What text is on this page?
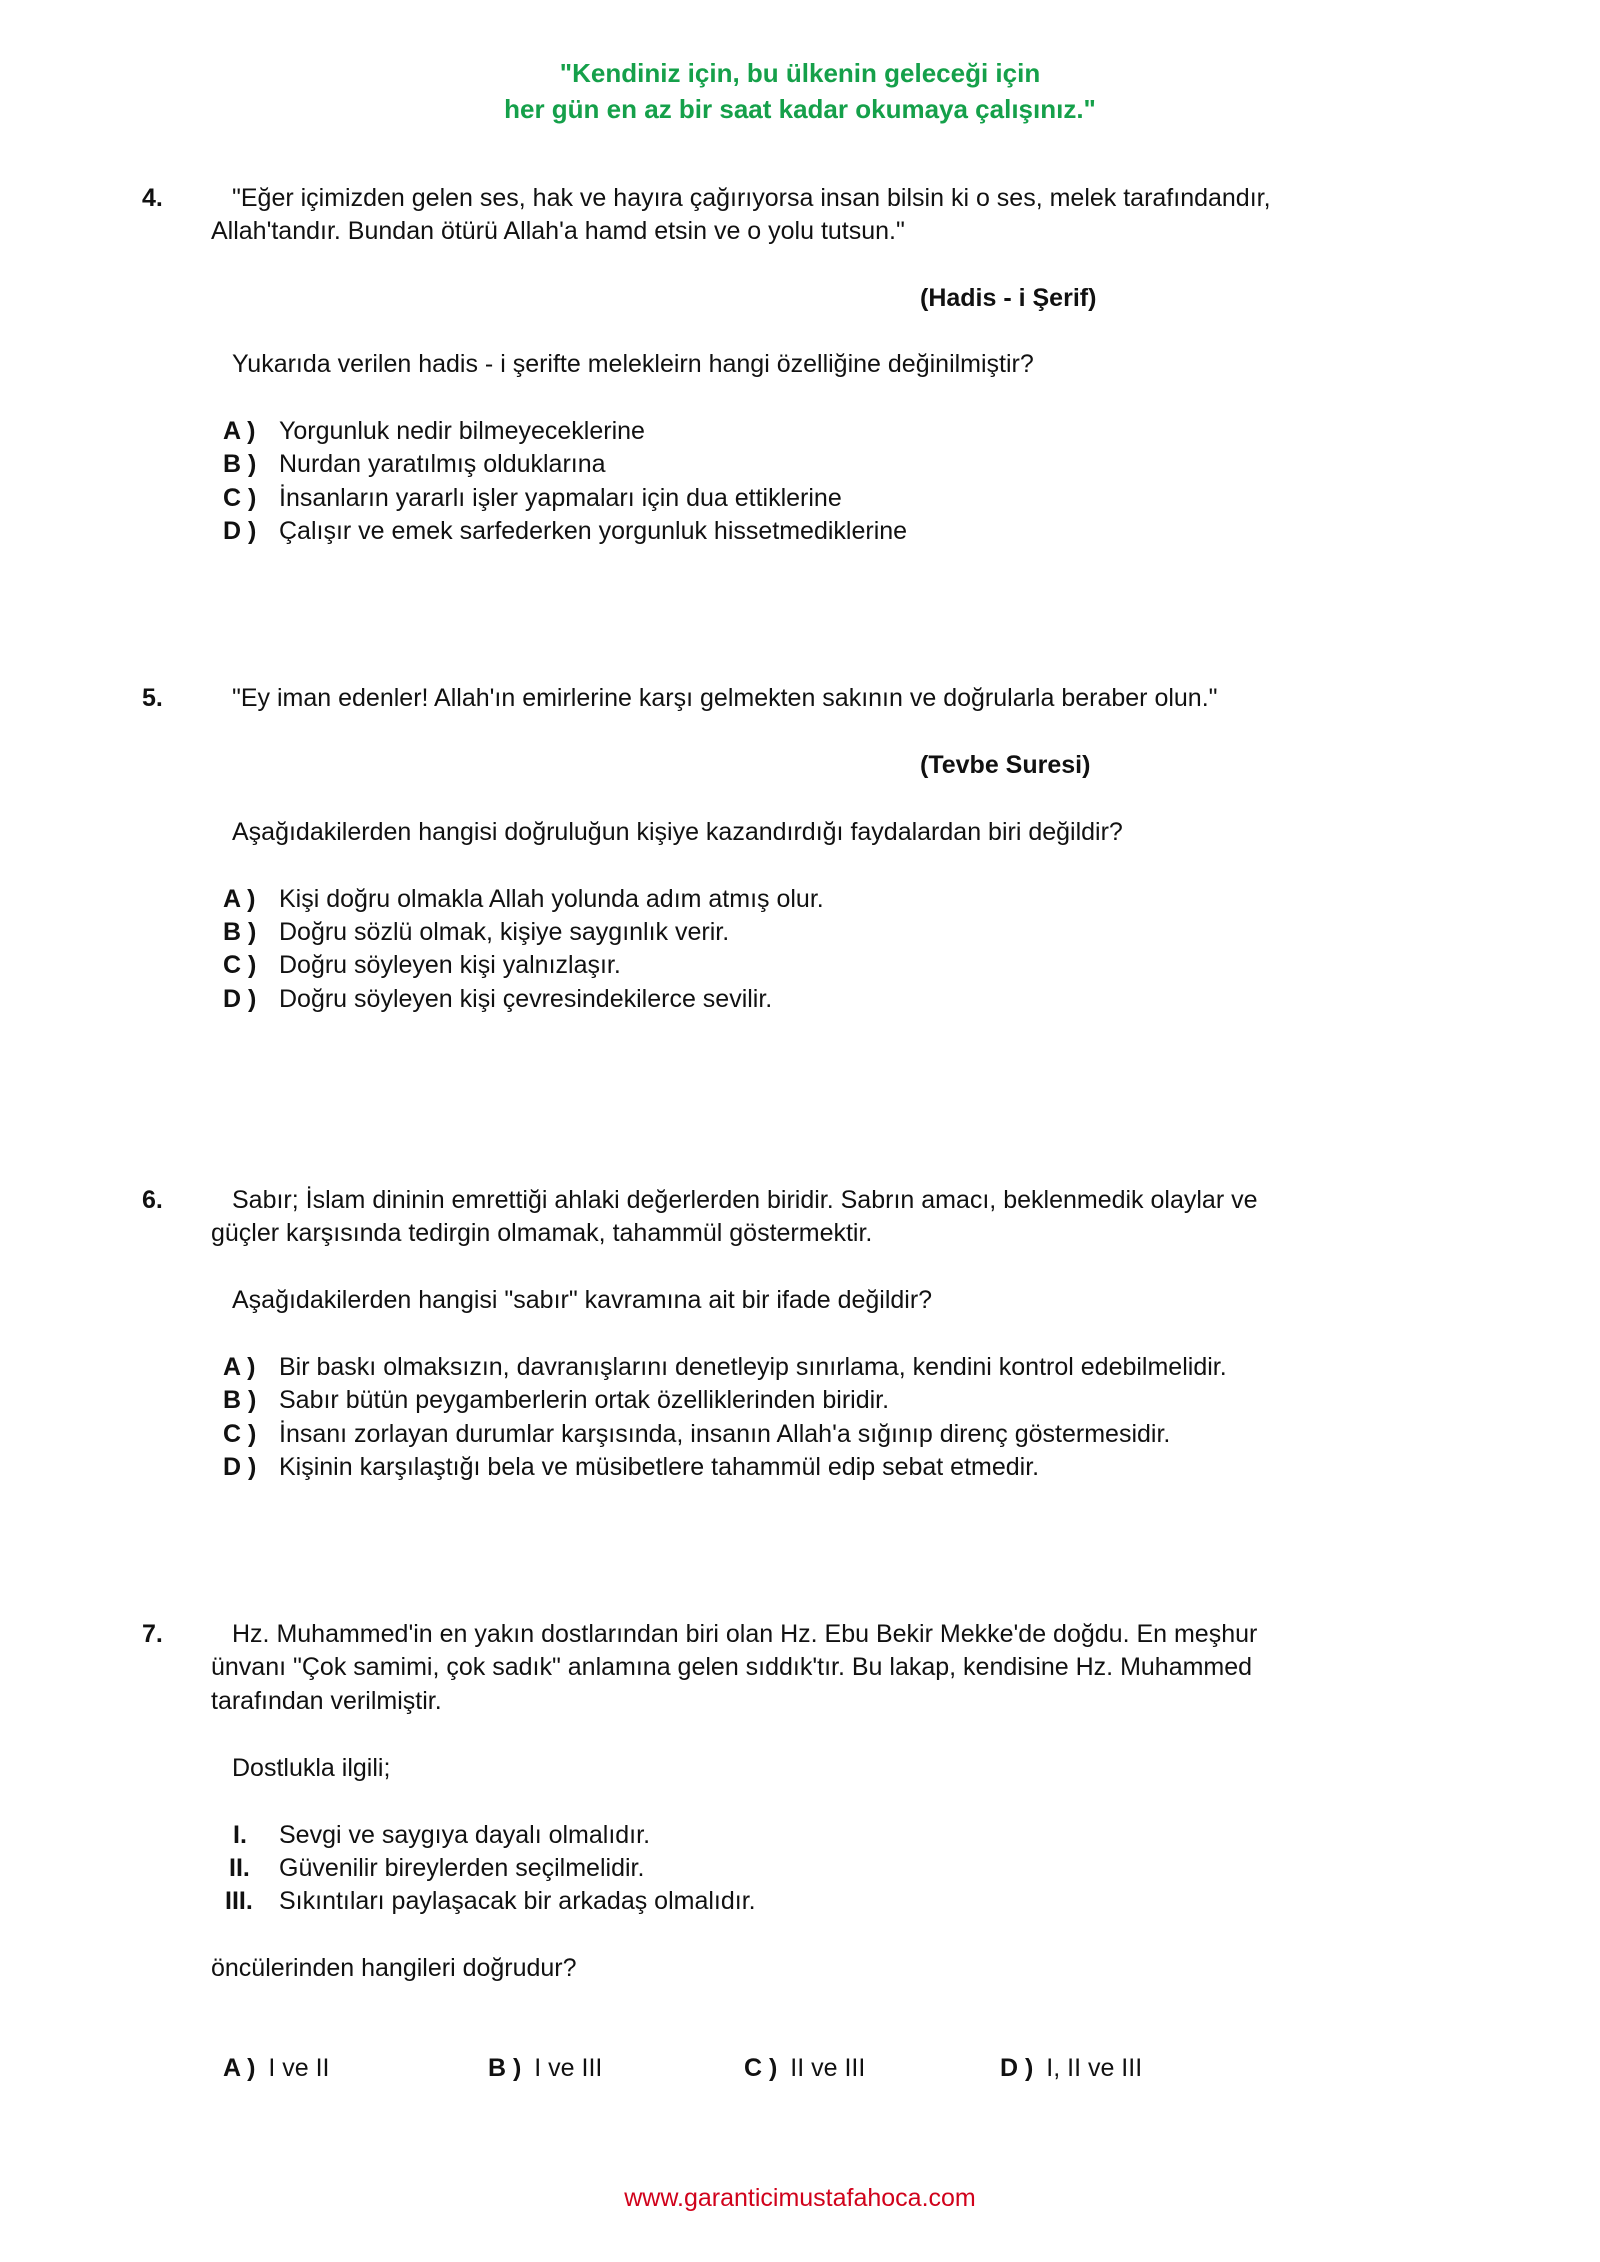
"Kendiniz için, bu ülkenin geleceği için
her gün en az bir saat kadar okumaya çalışınız."
4.	"Eğer içimizden gelen ses, hak ve hayıra çağırıyorsa insan bilsin ki o ses, melek tarafındandır,
Allah'tandır. Bundan ötürü Allah'a hamd etsin ve o yolu tutsun."
(Hadis - i Şerif)
Yukarıda verilen hadis - i şerifte melekleirn hangi özelliğine değinilmiştir?
A ) Yorgunluk nedir bilmeyeceklerine
B ) Nurdan yaratılmış olduklarına
C ) İnsanların yararlı işler yapmaları için dua ettiklerine
D ) Çalışır ve emek sarfederken yorgunluk hissetmediklerine
5.	"Ey iman edenler! Allah'ın emirlerine karşı gelmekten sakının ve doğrularla beraber olun."
(Tevbe Suresi)
Aşağıdakilerden hangisi doğruluğun kişiye kazandırdığı faydalardan biri değildir?
A ) Kişi doğru olmakla Allah yolunda adım atmış olur.
B ) Doğru sözlü olmak, kişiye saygınlık verir.
C ) Doğru söyleyen kişi yalnızlaşır.
D ) Doğru söyleyen kişi çevresindekilerce sevilir.
6.	Sabır; İslam dininin emrettiği ahlaki değerlerden biridir. Sabrın amacı, beklenmedik olaylar ve
güçler karşısında tedirgin olmamak, tahammül göstermektir.
Aşağıdakilerden hangisi "sabır" kavramına ait bir ifade değildir?
A ) Bir baskı olmaksızın, davranışlarını denetleyip sınırlama, kendini kontrol edebilmelidir.
B ) Sabır bütün peygamberlerin ortak özelliklerinden biridir.
C ) İnsanı zorlayan durumlar karşısında, insanın Allah'a sığınıp direnç göstermesidir.
D ) Kişinin karşılaştığı bela ve müsibetlere tahammül edip sebat etmedir.
7.	Hz. Muhammed'in en yakın dostlarından biri olan Hz. Ebu Bekir Mekke'de doğdu. En meşhur
ünvanı "Çok samimi, çok sadık" anlamına gelen sıddık'tır. Bu lakap, kendisine Hz. Muhammed
tarafından verilmiştir.
Dostlukla ilgili;
I. Sevgi ve saygıya dayalı olmalıdır.
II. Güvenilir bireylerden seçilmelidir.
III. Sıkıntıları paylaşacak bir arkadaş olmalıdır.
öncülerinden hangileri doğrudur?
A ) I ve II	B ) I ve III	C ) II ve III	D ) I, II ve III
www.garanticimustafahoca.com
